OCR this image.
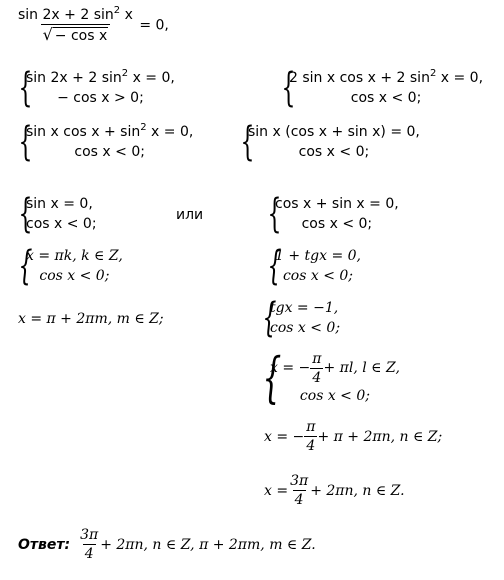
$\frac{\sin 2x + 2 \sin^2 x}{\text{√ − cos x}} = 0$,
{
sin 2x + 2 $\sin^2 x = 0$,
− cos x > 0;	{
2 sin x cos x + 2 $\sin^2 x = 0$,
cos x < 0;
{
sin x $\cos x + \sin^2 x = 0$,
cos x < 0;	{
sin x (cos x + sin x) = 0,
cos x < 0;
{
sin x = 0,
cos x < 0;
или {
cos x + sin x = 0,
cos x < 0;
{
x = πk, k ∈ Z,
cos x < 0;	{
1 + tgx = 0,
cos x < 0;
x = π + 2πm, m ∈ Z; {
tgx = −1,
cos x < 0;
{
x = − $\frac{\pi}{4} + \pi l$, l ∈ Z,
cos x < 0;
x = − $\frac{\pi}{4} + \pi + 2\pi n$, n ∈ Z;
$x = \frac{3\pi}{4} + 2\pi n$, n ∈ Z.
Ответ: $\frac{3\pi}{4} + 2\pi n$, n ∈ Z, π + 2πm, m ∈ Z.
